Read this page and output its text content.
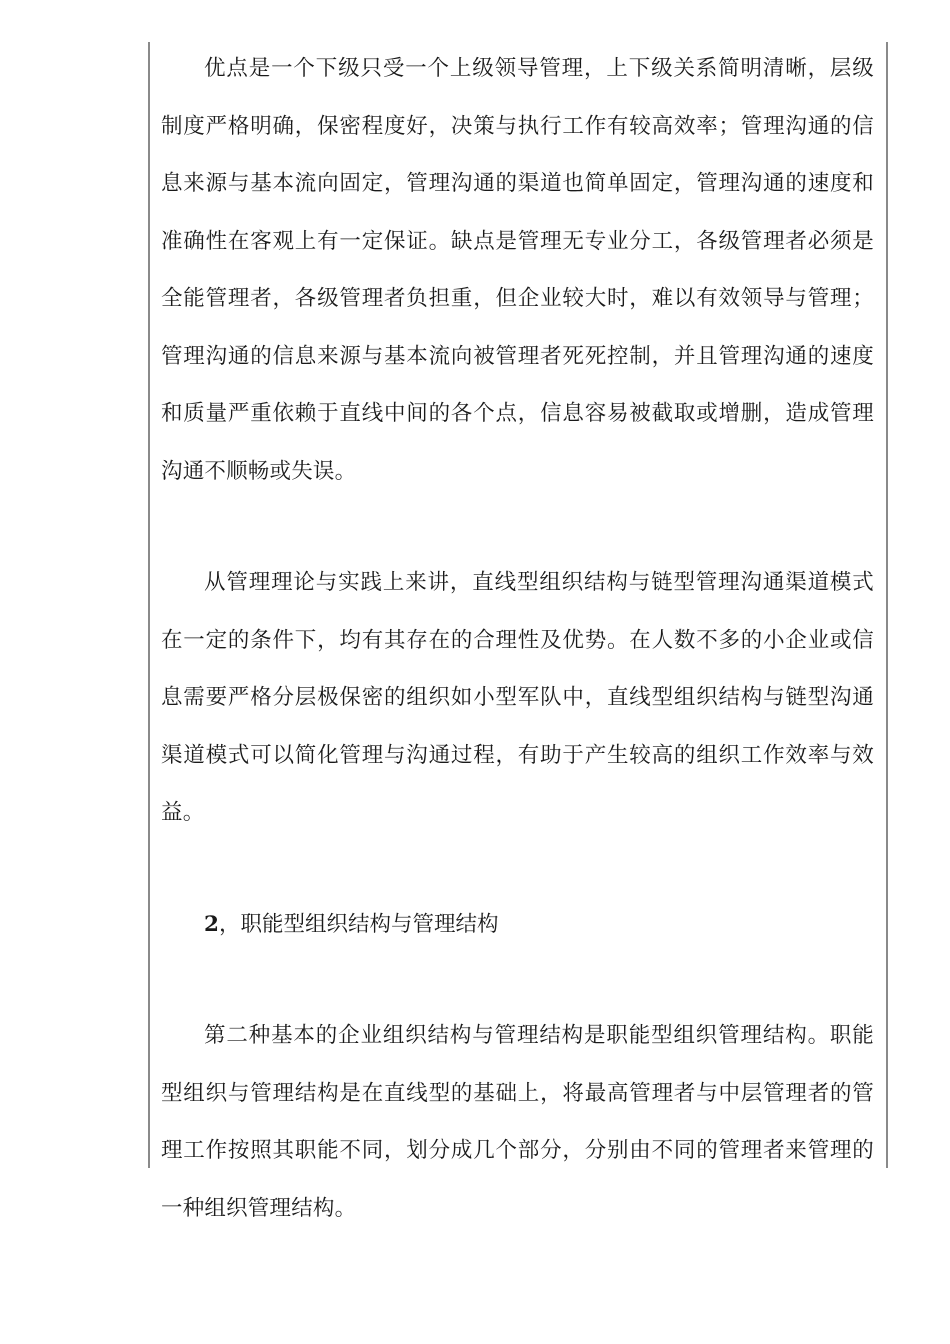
优点是一个下级只受一个上级领导管理，上下级关系简明清晰，层级制度严格明确，保密程度好，决策与执行工作有较高效率；管理沟通的信息来源与基本流向固定，管理沟通的渠道也简单固定，管理沟通的速度和准确性在客观上有一定保证。缺点是管理无专业分工，各级管理者必须是全能管理者，各级管理者负担重，但企业较大时，难以有效领导与管理；管理沟通的信息来源与基本流向被管理者死死控制，并且管理沟通的速度和质量严重依赖于直线中间的各个点，信息容易被截取或增删，造成管理沟通不顺畅或失误。

从管理理论与实践上来讲，直线型组织结构与链型管理沟通渠道模式在一定的条件下，均有其存在的合理性及优势。在人数不多的小企业或信息需要严格分层极保密的组织如小型军队中，直线型组织结构与链型沟通渠道模式可以简化管理与沟通过程，有助于产生较高的组织工作效率与效益。

2，职能型组织结构与管理结构

第二种基本的企业组织结构与管理结构是职能型组织管理结构。职能型组织与管理结构是在直线型的基础上，将最高管理者与中层管理者的管理工作按照其职能不同，划分成几个部分，分别由不同的管理者来管理的一种组织管理结构。
